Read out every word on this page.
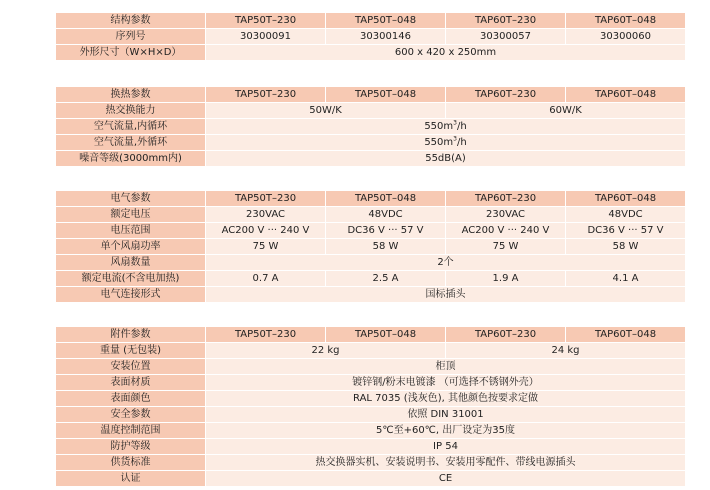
结构参数	TAP50T–230	TAP50T–048	TAP60T–230	TAP60T–048
序列号	30300091	30300146	30300057	30300060
外形尺寸（W×H×D）	600 x 420 x 250mm			
换热参数	TAP50T–230	TAP50T–048	TAP60T–230	TAP60T–048
热交换能力	50W/K		60W/K	
空气流量,内循环	$550m^3/h$			
空气流量,外循环	$550m^3/h$			
噪音等级(3000mm内)	55dB(A)			
电气参数	TAP50T–230	TAP50T–048	TAP60T–230	TAP60T–048
额定电压	230VAC	48VDC	230VAC	48VDC
电压范围	AC200 V ··· 240 V	DC36 V ··· 57 V	AC200 V ··· 240 V	DC36 V ··· 57 V
单个风扇功率	75 W	58 W	75 W	58 W
风扇数量	2个			
额定电流(不含电加热)	0.7 A	2.5 A	1.9 A	4.1 A
电气连接形式	国标插头			
附件参数	TAP50T–230	TAP50T–048	TAP60T–230	TAP60T–048
重量 (无包装)	22 kg		24 kg	
安装位置	柜顶			
表面材质	镀锌钢/粉末电镀漆 （可选择不锈钢外壳）			
表面颜色	RAL 7035 (浅灰色), 其他颜色按要求定做			
安全参数	依照 DIN 31001			
温度控制范围	5℃至+60℃, 出厂设定为35度			
防护等级	IP 54			
供货标准	热交换器实机、安装说明书、安装用零配件、带线电源插头			
认证	CE			
